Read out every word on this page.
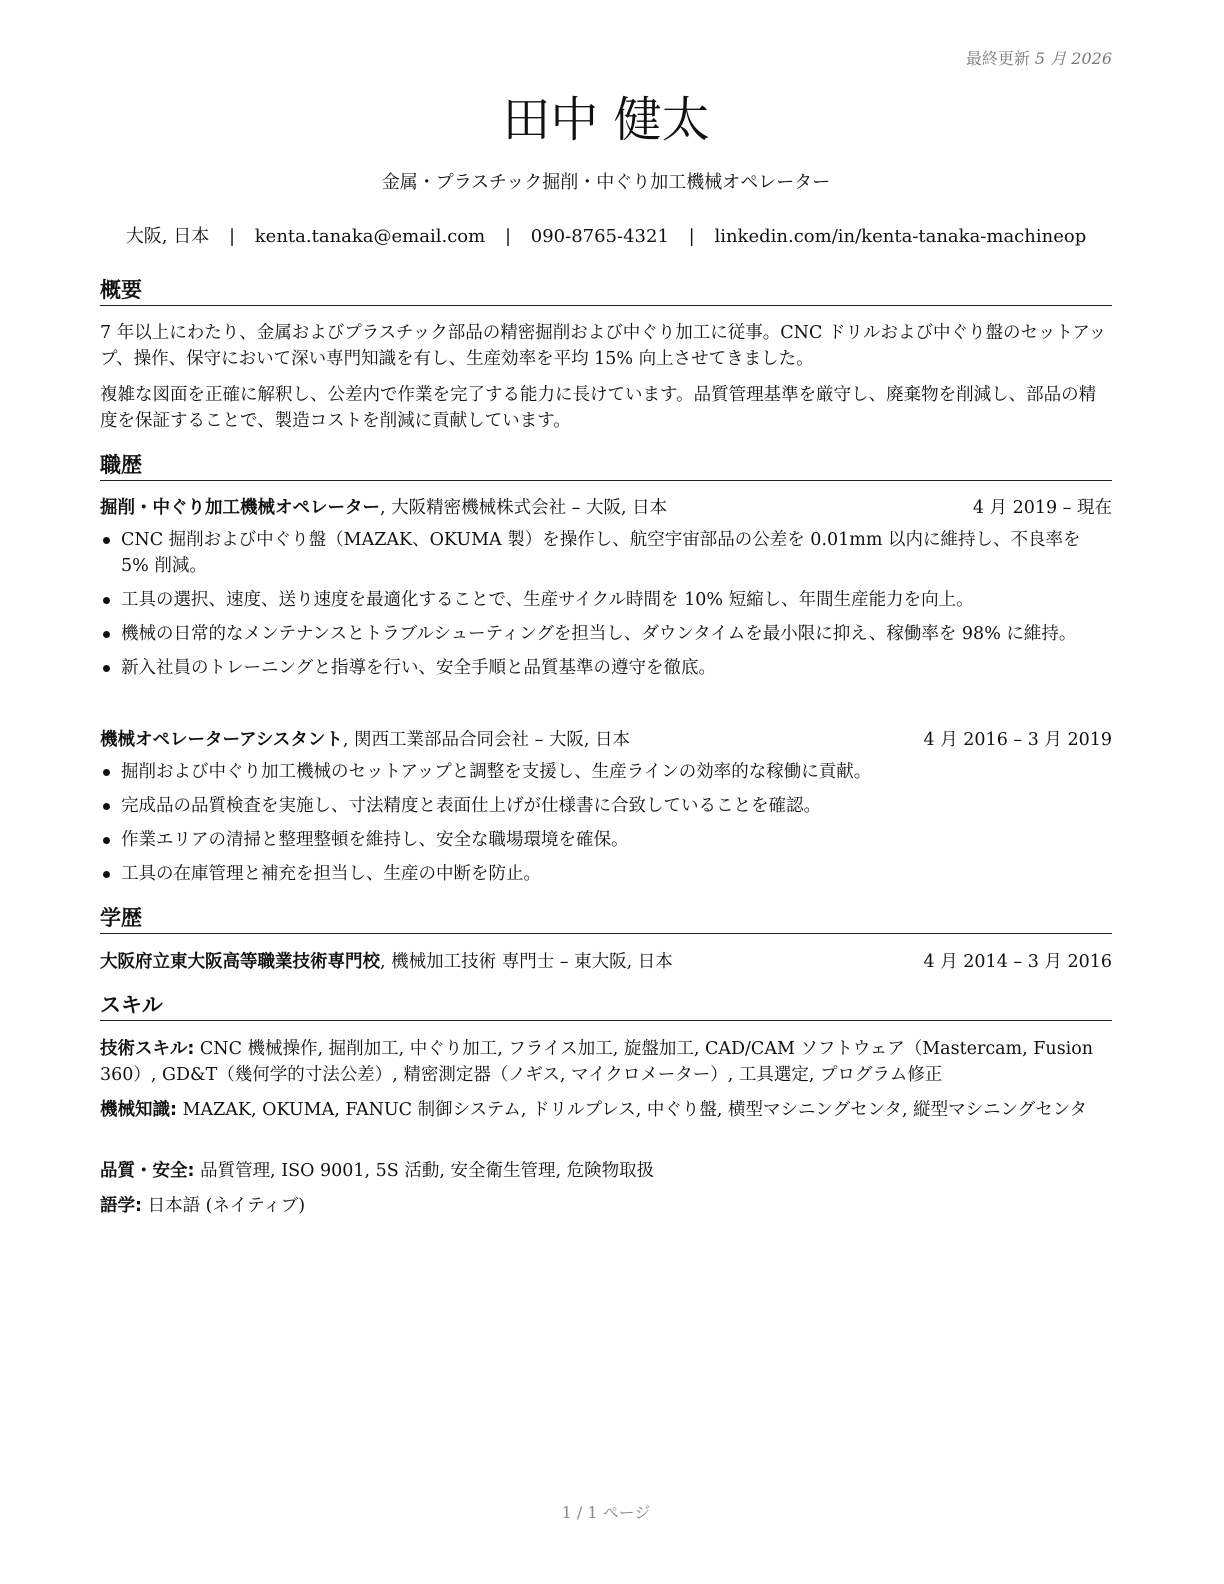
最終更新 5 月 2026
田中 健太
金属・プラスチック掘削・中ぐり加工機械オペレーター
大阪, 日本 | kenta.tanaka@email.com | 090-8765-4321 | linkedin.com/in/kenta-tanaka-machineop
概要
7 年以上にわたり、金属およびプラスチック部品の精密掘削および中ぐり加工に従事。CNC ドリルおよび中ぐり盤のセットアップ、操作、保守において深い専門知識を有し、生産効率を平均 15% 向上させてきました。
複雑な図面を正確に解釈し、公差内で作業を完了する能力に長けています。品質管理基準を厳守し、廃棄物を削減し、部品の精度を保証することで、製造コストを削減に貢献しています。
職歴
掘削・中ぐり加工機械オペレーター, 大阪精密機械株式会社 – 大阪, 日本	4 月 2019 – 現在
CNC 掘削および中ぐり盤（MAZAK、OKUMA 製）を操作し、航空宇宙部品の公差を 0.01mm 以内に維持し、不良率を 5% 削減。
工具の選択、速度、送り速度を最適化することで、生産サイクル時間を 10% 短縮し、年間生産能力を向上。
機械の日常的なメンテナンスとトラブルシューティングを担当し、ダウンタイムを最小限に抑え、稼働率を 98% に維持。
新入社員のトレーニングと指導を行い、安全手順と品質基準の遵守を徹底。
機械オペレーターアシスタント, 関西工業部品合同会社 – 大阪, 日本	4 月 2016 – 3 月 2019
掘削および中ぐり加工機械のセットアップと調整を支援し、生産ラインの効率的な稼働に貢献。
完成品の品質検査を実施し、寸法精度と表面仕上げが仕様書に合致していることを確認。
作業エリアの清掃と整理整頓を維持し、安全な職場環境を確保。
工具の在庫管理と補充を担当し、生産の中断を防止。
学歴
大阪府立東大阪高等職業技術専門校, 機械加工技術 専門士 – 東大阪, 日本	4 月 2014 – 3 月 2016
スキル
技術スキル: CNC 機械操作, 掘削加工, 中ぐり加工, フライス加工, 旋盤加工, CAD/CAM ソフトウェア（Mastercam, Fusion 360）, GD&T（幾何学的寸法公差）, 精密測定器（ノギス, マイクロメーター）, 工具選定, プログラム修正
機械知識: MAZAK, OKUMA, FANUC 制御システム, ドリルプレス, 中ぐり盤, 横型マシニングセンタ, 縦型マシニングセンタ
品質・安全: 品質管理, ISO 9001, 5S 活動, 安全衛生管理, 危険物取扱
語学: 日本語 (ネイティブ)
1 / 1 ページ
